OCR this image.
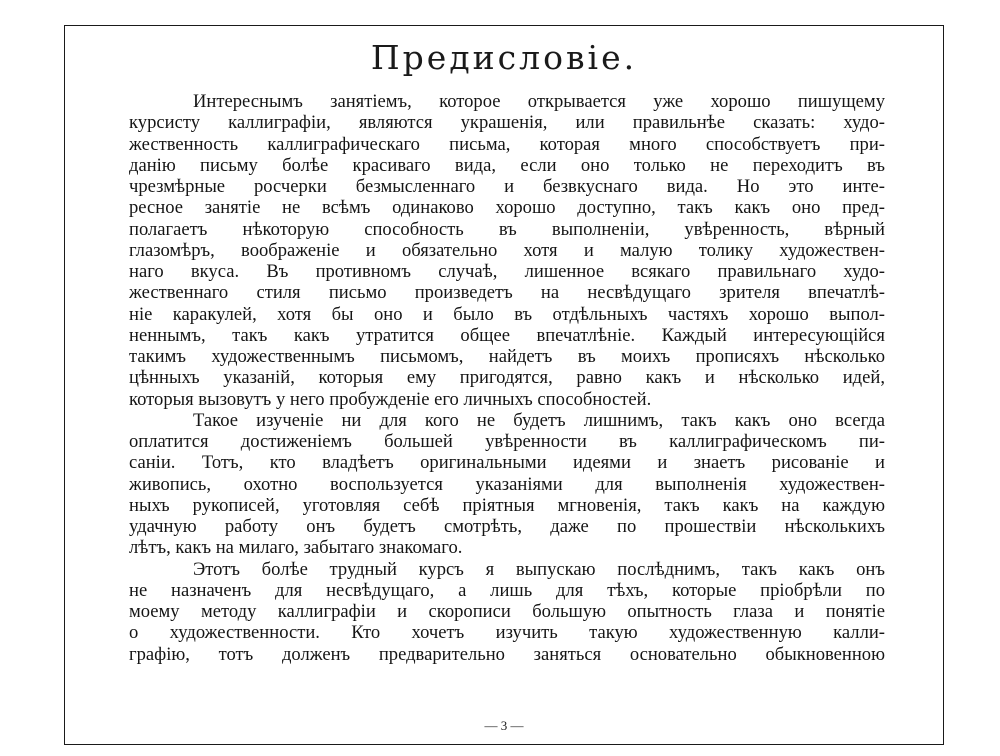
Предисловіе.
Интереснымъ занятіемъ, которое открывается уже хорошо пишущему
курсисту каллиграфіи, являются украшенія, или правильнѣе сказать: худо-
жественность каллиграфическаго письма, которая много способствуетъ при-
данію письму болѣе красиваго вида, если оно только не переходитъ въ
чрезмѣрные росчерки безмысленнаго и безвкуснаго вида. Но это инте-
ресное занятіе не всѣмъ одинаково хорошо доступно, такъ какъ оно пред-
полагаетъ нѣкоторую способность въ выполненіи, увѣренность, вѣрный
глазомѣръ, воображеніе и обязательно хотя и малую толику художествен-
наго вкуса. Въ противномъ случаѣ, лишенное всякаго правильнаго худо-
жественнаго стиля письмо произведетъ на несвѣдущаго зрителя впечатлѣ-
ніе каракулей, хотя бы оно и было въ отдѣльныхъ частяхъ хорошо выпол-
неннымъ, такъ какъ утратится общее впечатлѣніе. Каждый интересующійся
такимъ художественнымъ письмомъ, найдетъ въ моихъ прописяхъ нѣсколько
цѣнныхъ указаній, которыя ему пригодятся, равно какъ и нѣсколько идей,
которыя вызовутъ у него пробужденіе его личныхъ способностей.
Такое изученіе ни для кого не будетъ лишнимъ, такъ какъ оно всегда
оплатится достиженіемъ большей увѣренности въ каллиграфическомъ пи-
саніи. Тотъ, кто владѣетъ оригинальными идеями и знаетъ рисованіе и
живопись, охотно воспользуется указаніями для выполненія художествен-
ныхъ рукописей, уготовляя себѣ пріятныя мгновенія, такъ какъ на каждую
удачную работу онъ будетъ смотрѣть, даже по прошествіи нѣсколькихъ
лѣтъ, какъ на милаго, забытаго знакомаго.
Этотъ болѣе трудный курсъ я выпускаю послѣднимъ, такъ какъ онъ
не назначенъ для несвѣдущаго, а лишь для тѣхъ, которые пріобрѣли по
моему методу каллиграфіи и скорописи большую опытность глаза и понятіе
о художественности. Кто хочетъ изучить такую художественную калли-
графію, тотъ долженъ предварительно заняться основательно обыкновенною
— 3 —
